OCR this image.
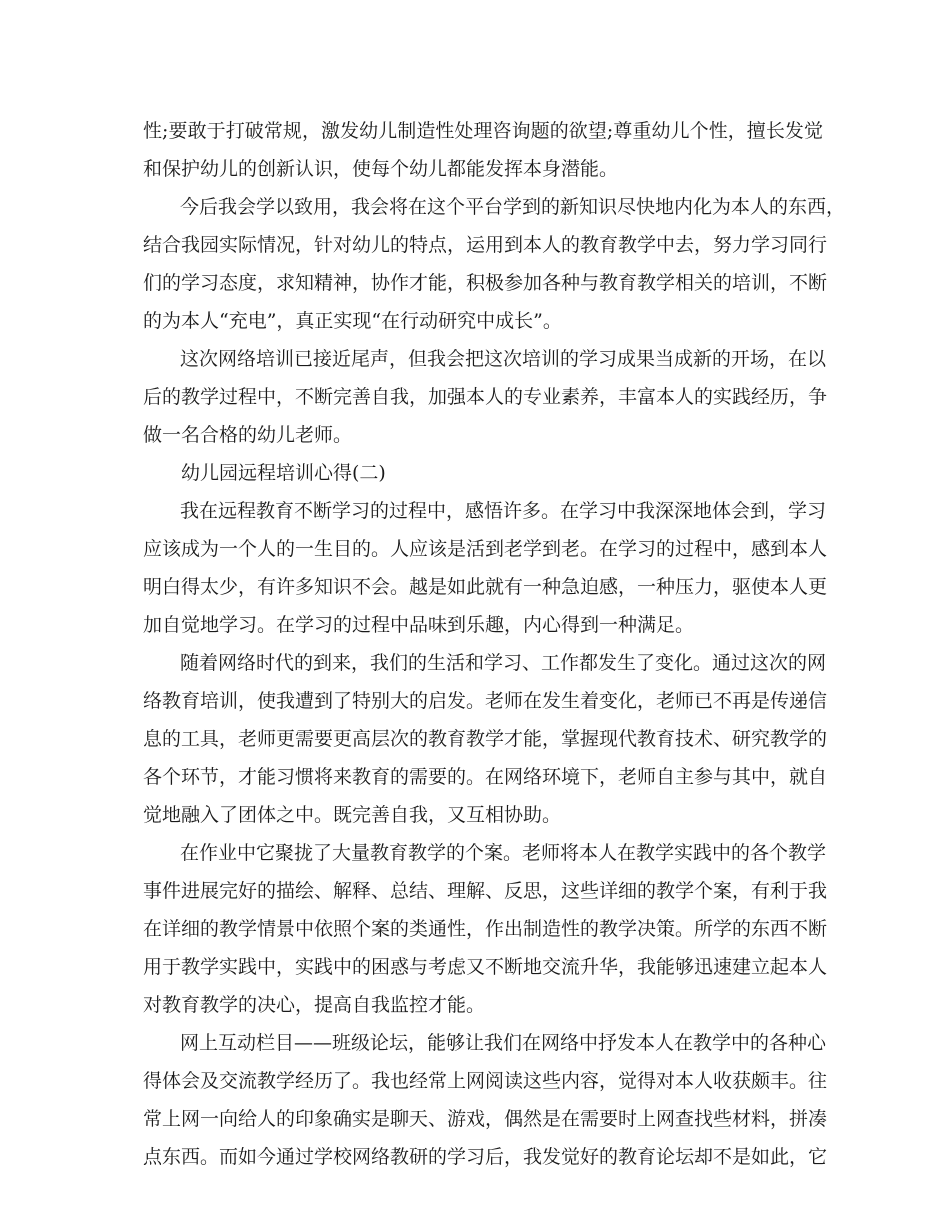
性;要敢于打破常规，激发幼儿制造性处理咨询题的欲望;尊重幼儿个性，擅长发觉
和保护幼儿的创新认识，使每个幼儿都能发挥本身潜能。
今后我会学以致用，我会将在这个平台学到的新知识尽快地内化为本人的东西，
结合我园实际情况，针对幼儿的特点，运用到本人的教育教学中去，努力学习同行
们的学习态度，求知精神，协作才能，积极参加各种与教育教学相关的培训，不断
的为本人“充电”，真正实现“在行动研究中成长”。
这次网络培训已接近尾声，但我会把这次培训的学习成果当成新的开场，在以
后的教学过程中，不断完善自我，加强本人的专业素养，丰富本人的实践经历，争
做一名合格的幼儿老师。
幼儿园远程培训心得(二)
我在远程教育不断学习的过程中，感悟许多。在学习中我深深地体会到，学习
应该成为一个人的一生目的。人应该是活到老学到老。在学习的过程中，感到本人
明白得太少，有许多知识不会。越是如此就有一种急迫感，一种压力，驱使本人更
加自觉地学习。在学习的过程中品味到乐趣，内心得到一种满足。
随着网络时代的到来，我们的生活和学习、工作都发生了变化。通过这次的网
络教育培训，使我遭到了特别大的启发。老师在发生着变化，老师已不再是传递信
息的工具，老师更需要更高层次的教育教学才能，掌握现代教育技术、研究教学的
各个环节，才能习惯将来教育的需要的。在网络环境下，老师自主参与其中，就自
觉地融入了团体之中。既完善自我，又互相协助。
在作业中它聚拢了大量教育教学的个案。老师将本人在教学实践中的各个教学
事件进展完好的描绘、解释、总结、理解、反思，这些详细的教学个案，有利于我
在详细的教学情景中依照个案的类通性，作出制造性的教学决策。所学的东西不断
用于教学实践中，实践中的困惑与考虑又不断地交流升华，我能够迅速建立起本人
对教育教学的决心，提高自我监控才能。
网上互动栏目——班级论坛，能够让我们在网络中抒发本人在教学中的各种心
得体会及交流教学经历了。我也经常上网阅读这些内容，觉得对本人收获颇丰。往
常上网一向给人的印象确实是聊天、游戏，偶然是在需要时上网查找些材料，拼凑
点东西。而如今通过学校网络教研的学习后，我发觉好的教育论坛却不是如此，它
